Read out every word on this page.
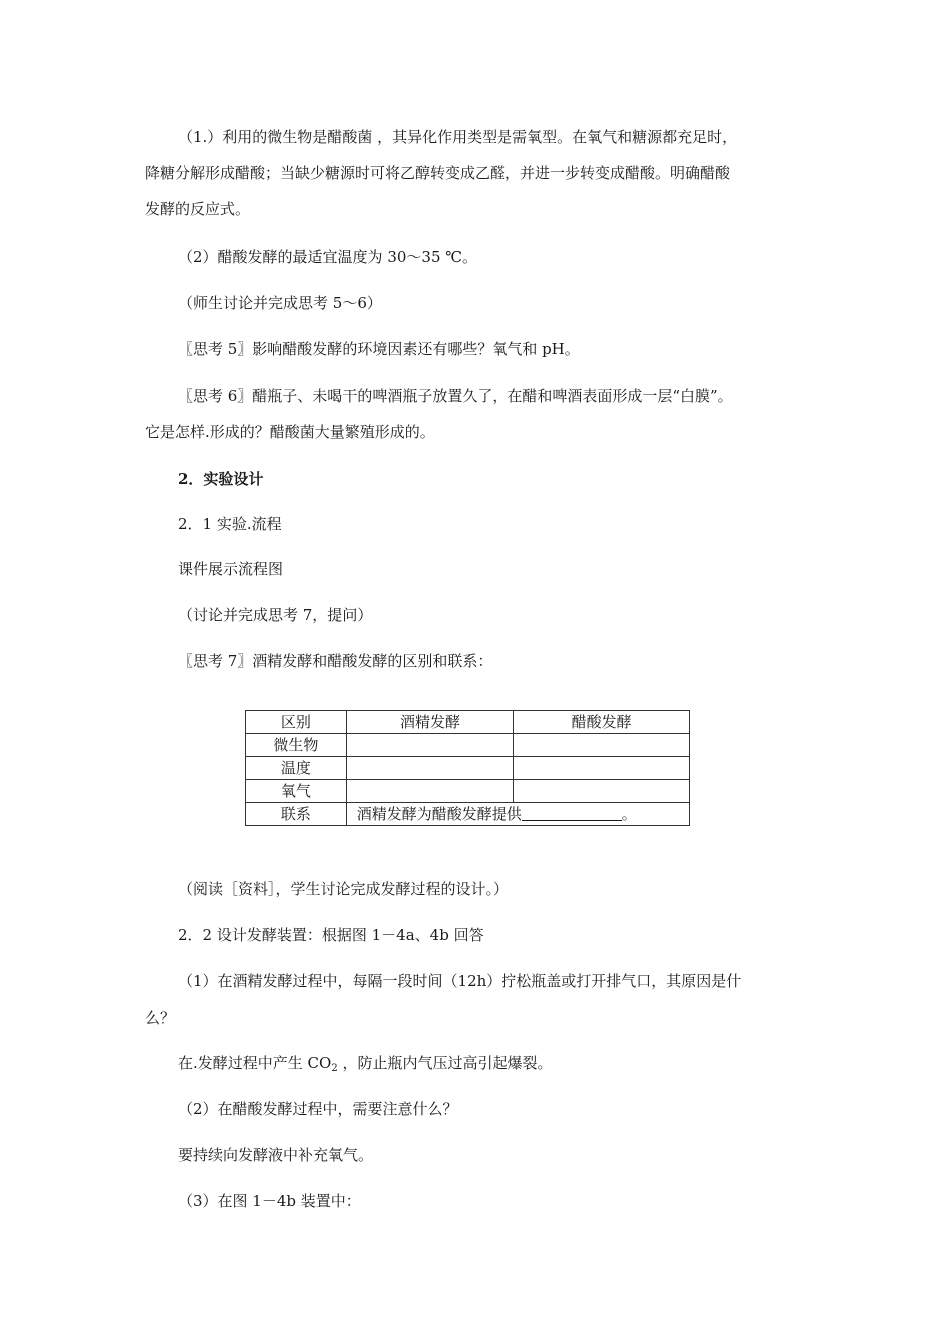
（1.）利用的微生物是醋酸菌 ，其异化作用类型是需氧型。在氧气和糖源都充足时，
降糖分解形成醋酸；当缺少糖源时可将乙醇转变成乙醛，并进一步转变成醋酸。明确醋酸
发酵的反应式。
（2）醋酸发酵的最适宜温度为 30～35 ℃。
（师生讨论并完成思考 5～6）
〖思考 5〗影响醋酸发酵的环境因素还有哪些？氧气和 pH。
〖思考 6〗醋瓶子、未喝干的啤酒瓶子放置久了，在醋和啤酒表面形成一层“白膜”。
它是怎样.形成的？醋酸菌大量繁殖形成的。
2．实验设计
2．1 实验.流程
课件展示流程图
（讨论并完成思考 7，提问）
〖思考 7〗酒精发酵和醋酸发酵的区别和联系：
区别	酒精发酵	醋酸发酵
微生物		
温度		
氧气		
联系	酒精发酵为醋酸发酵提供 。	
（阅读［资料］，学生讨论完成发酵过程的设计。）
2．2 设计发酵装置：根据图 1－4a、4b 回答
（1）在酒精发酵过程中，每隔一段时间（12h）拧松瓶盖或打开排气口，其原因是什
么？
在.发酵过程中产生 $CO_2$ ，防止瓶内气压过高引起爆裂。
（2）在醋酸发酵过程中，需要注意什么？
要持续向发酵液中补充氧气。
（3）在图 1－4b 装置中：
